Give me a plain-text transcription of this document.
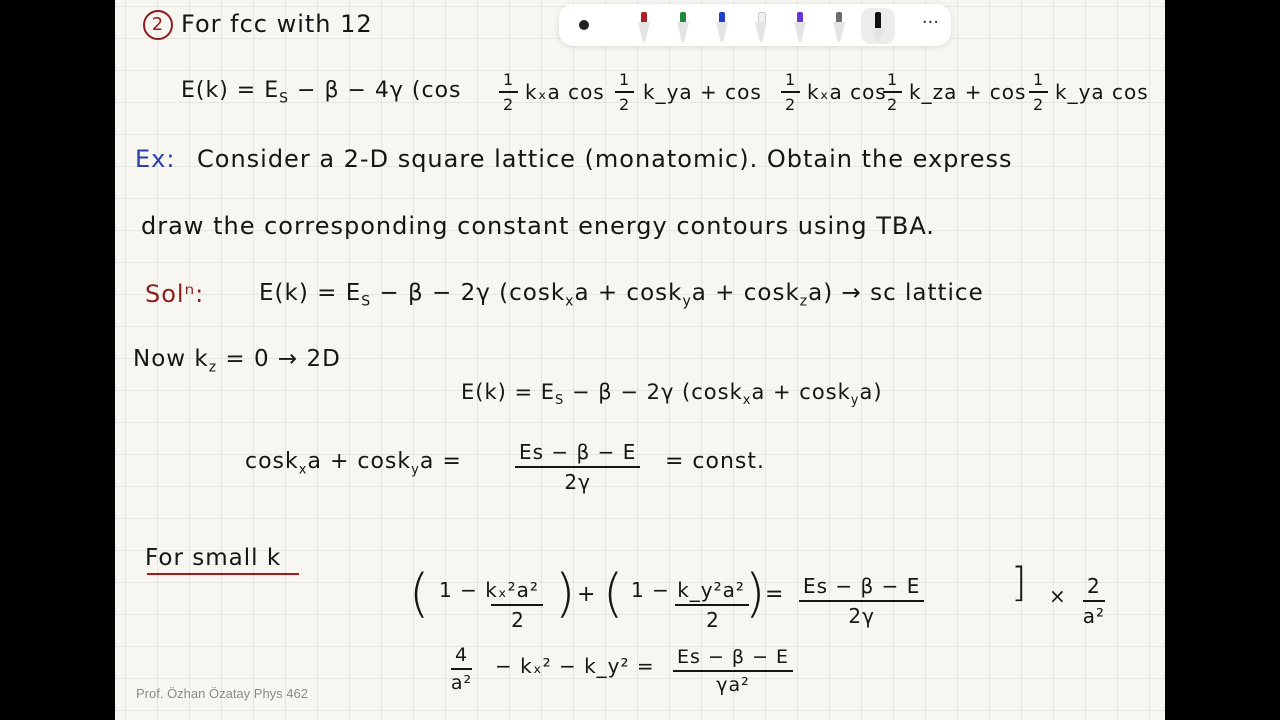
2 For fcc with 12
$E(k) = E_S - \beta - 4\gamma$ (cos	1
2
kₓa cos
1
2
k_ya + cos
1
2
kₓa cos
1
2
k_za + cos
1
2
k_ya cos
Ex: Consider a 2-D square lattice (monatomic). Obtain the express
draw the corresponding constant energy contours using TBA.
Solⁿ: $E(k) = E_S - \beta - 2\gamma$ (cosk$_x$a + cosk$_y$a + cosk$_z$a) → sc lattice
Now $k_z = 0 \to 2D$
$E(k) = E_S - \beta - 2\gamma$ (cosk$_x$a + cosk$_y$a)
cosk$_x$a + cosk$_y$a =	Es − β − E
2γ
= const.
For small k
( 1 − kₓ²a²
2 ) + ( 1 − k_y²a²
2 )
= Es − β − E
2γ
] ×	2
a²
4
a²
− kₓ² − k_y² =	Es − β − E
γa²
Prof. Özhan Özatay Phys 462
···
